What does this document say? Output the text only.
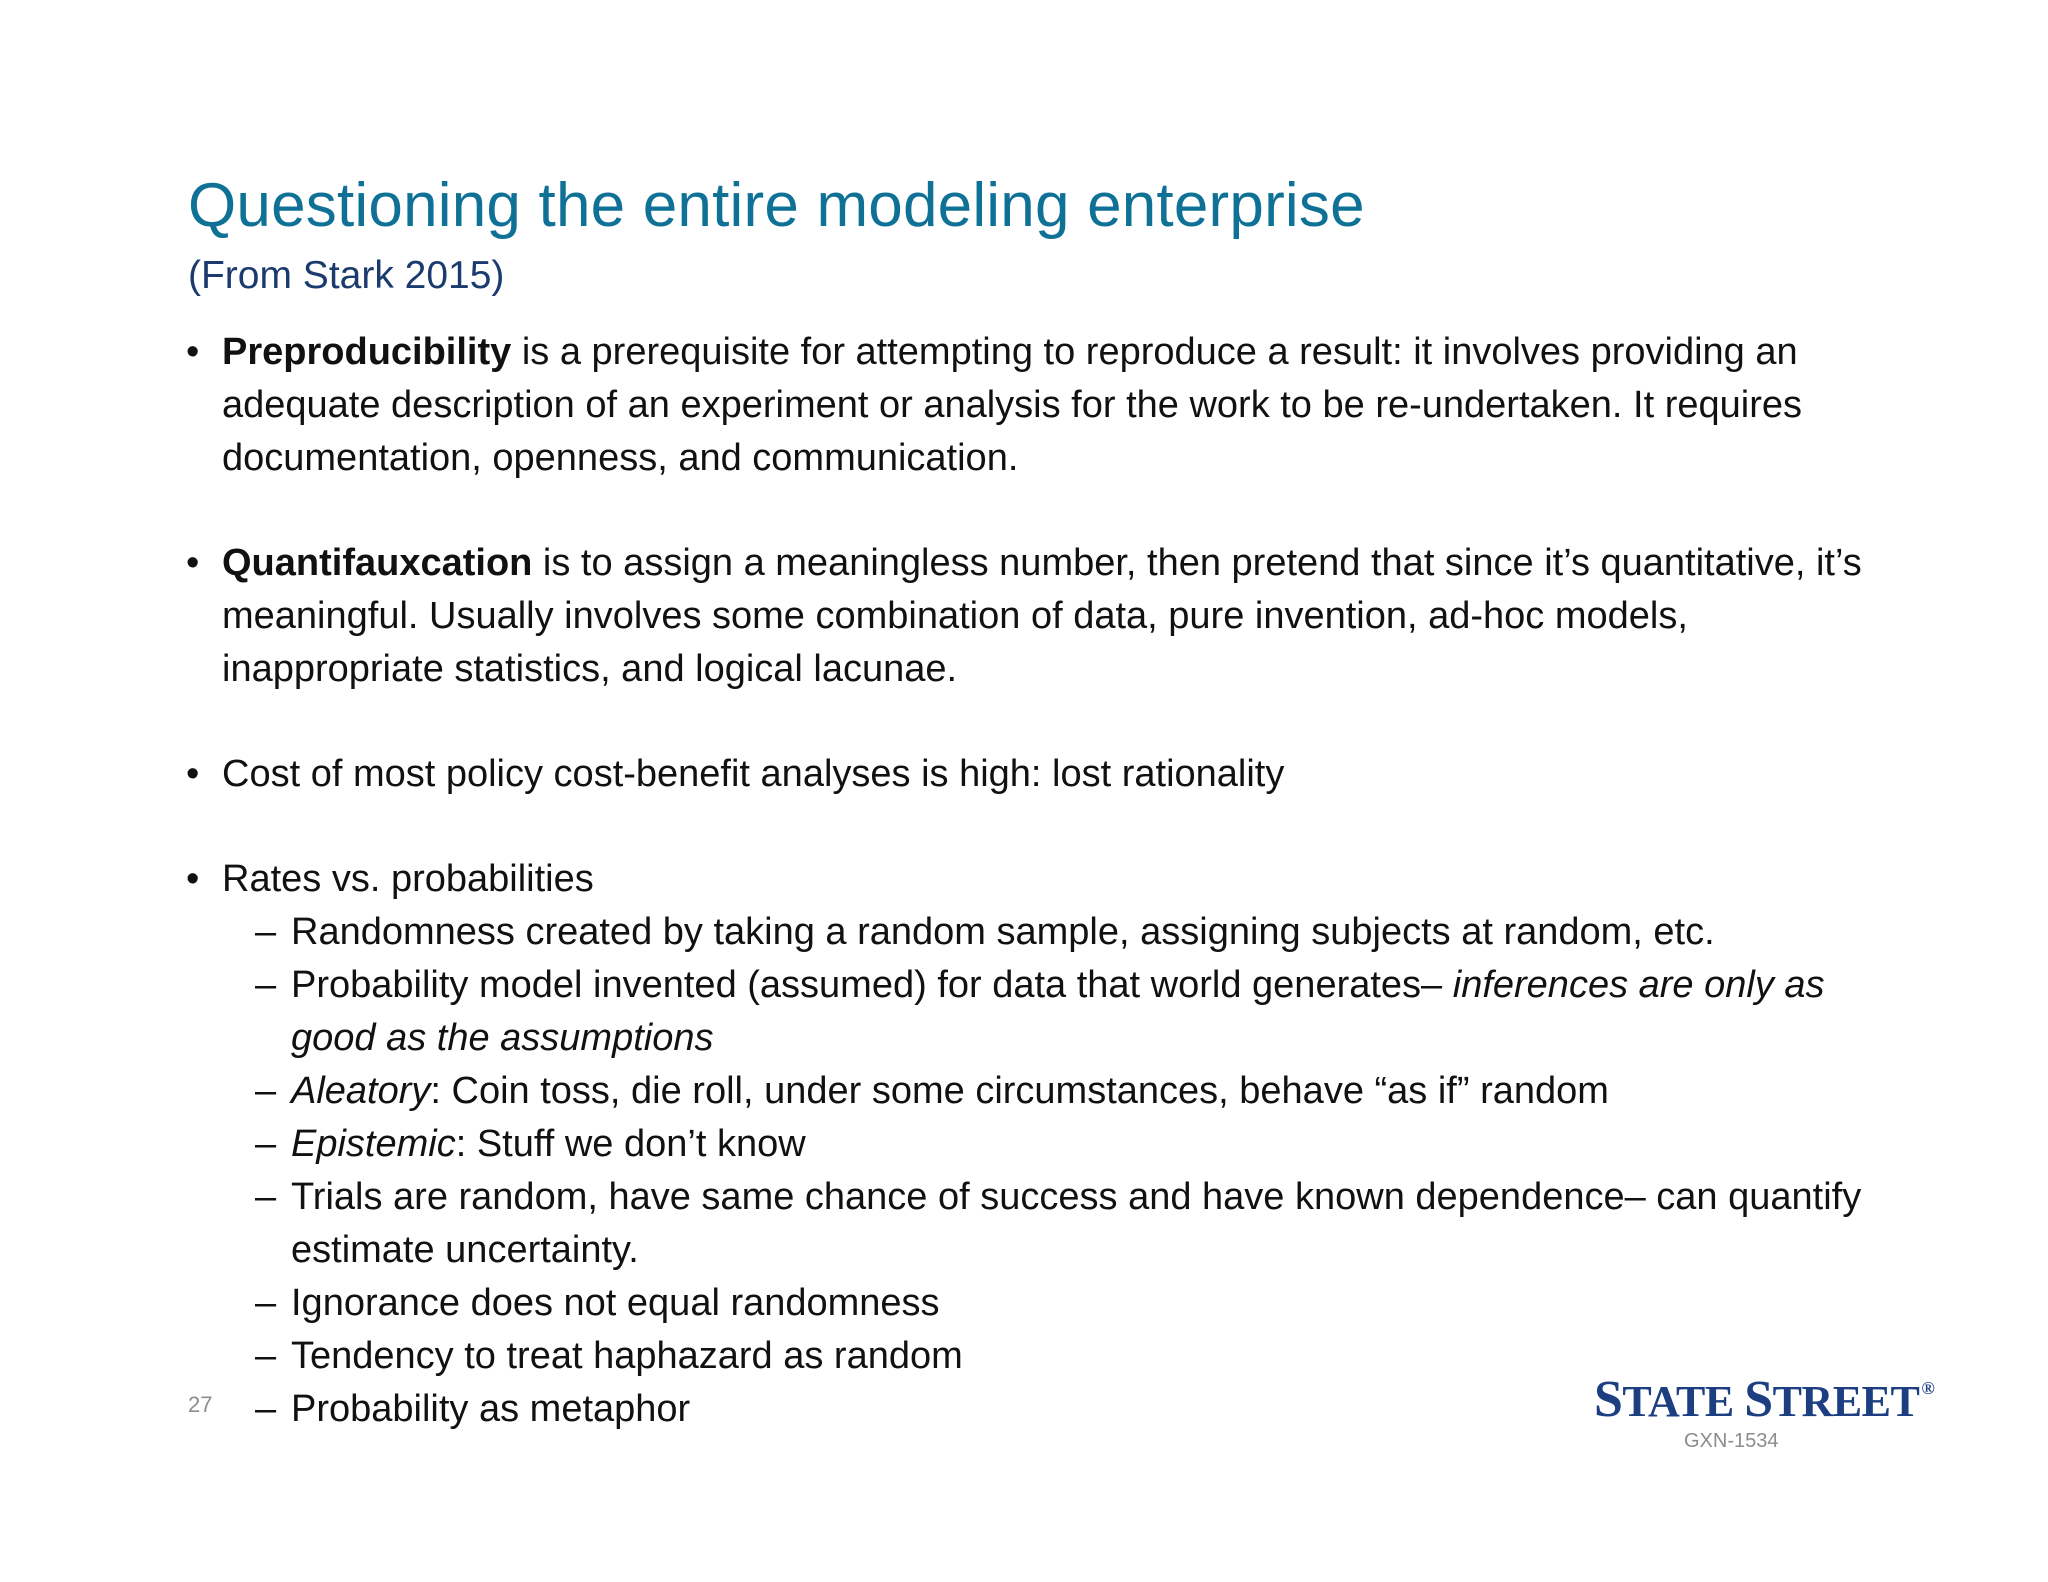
Questioning the entire modeling enterprise

(From Stark 2015)

• Preproducibility is a prerequisite for attempting to reproduce a result: it involves providing an adequate description of an experiment or analysis for the work to be re-undertaken. It requires documentation, openness, and communication.

• Quantifauxcation is to assign a meaningless number, then pretend that since it’s quantitative, it’s meaningful. Usually involves some combination of data, pure invention, ad-hoc models, inappropriate statistics, and logical lacunae.

• Cost of most policy cost-benefit analyses is high: lost rationality

• Rates vs. probabilities

– Randomness created by taking a random sample, assigning subjects at random, etc.
– Probability model invented (assumed) for data that world generates– inferences are only as good as the assumptions
– Aleatory: Coin toss, die roll, under some circumstances, behave “as if” random
– Epistemic: Stuff we don’t know
– Trials are random, have same chance of success and have known dependence– can quantify estimate uncertainty.
– Ignorance does not equal randomness
– Tendency to treat haphazard as random
– Probability as metaphor
27	STATE STREET ®
GXN-1534
